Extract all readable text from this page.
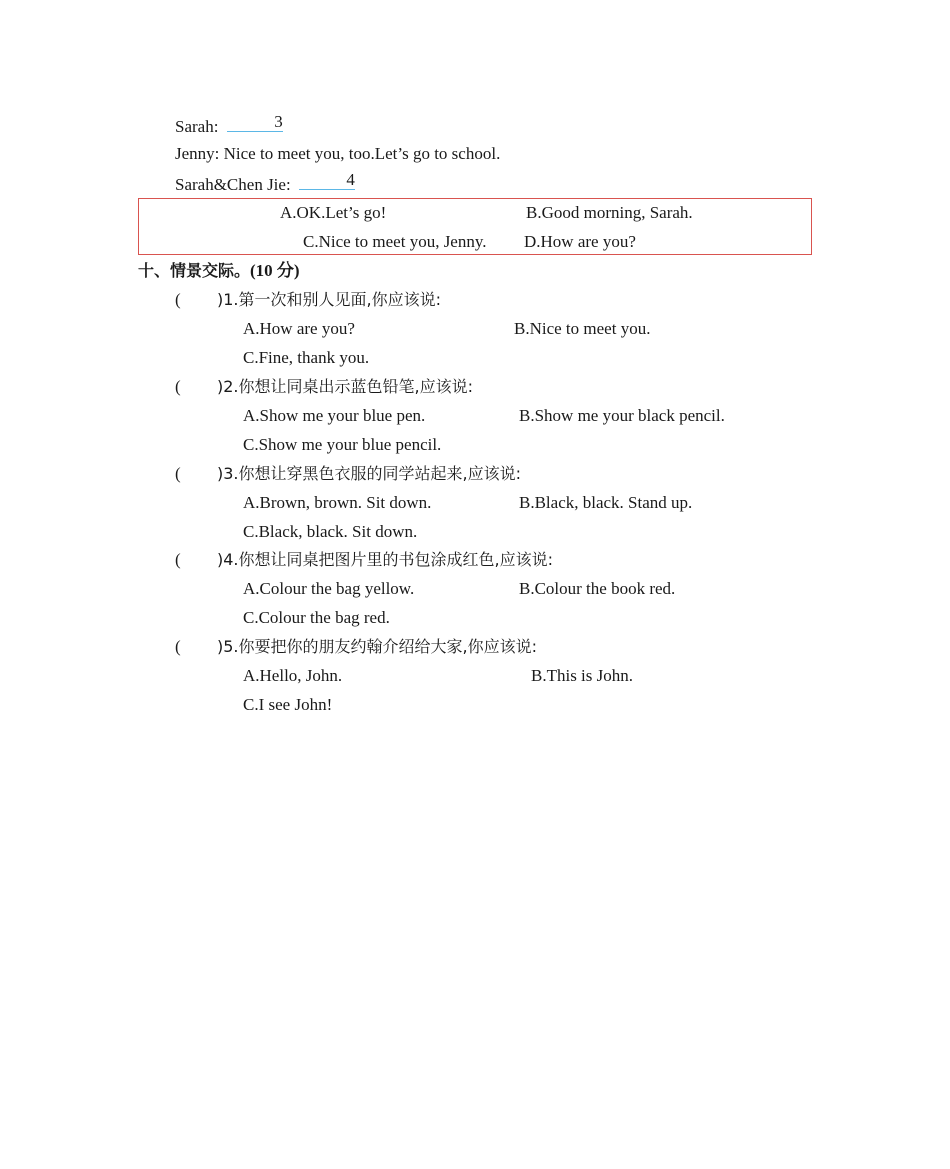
Sarah:	3
Jenny: Nice to meet you, too.Let’s go to school.
Sarah&Chen Jie:	4
A.OK.Let’s go!	B.Good morning, Sarah.
C.Nice to meet you, Jenny. D.How are you?
十、情景交际。(10 分)
( )1.第一次和别人见面,你应该说:
A.How are you?	B.Nice to meet you.
C.Fine, thank you.
( )2.你想让同桌出示蓝色铅笔,应该说:
A.Show me your blue pen.	B.Show me your black pencil.
C.Show me your blue pencil.
( )3.你想让穿黑色衣服的同学站起来,应该说:
A.Brown, brown. Sit down.	B.Black, black. Stand up.
C.Black, black. Sit down.
( )4.你想让同桌把图片里的书包涂成红色,应该说:
A.Colour the bag yellow.	B.Colour the book red.
C.Colour the bag red.
( )5.你要把你的朋友约翰介绍给大家,你应该说:
A.Hello, John.	B.This is John.
C.I see John!
